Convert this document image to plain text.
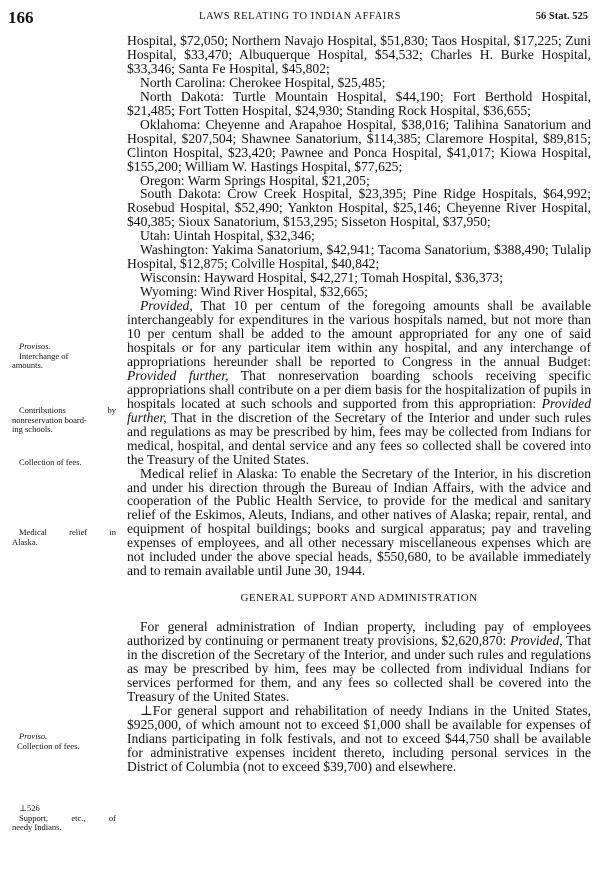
166	LAWS RELATING TO INDIAN AFFAIRS	56 Stat. 525
Provisos.
Interchange of
amounts.
Contributions by
nonreservation board-
ing schools.
Collection of fees.
Medical relief in
Alaska.
Proviso.
Collection of fees.
⊥526
Support, etc., of
needy Indians.

Hospital, $72,050; Northern Navajo Hospital, $51,830; Taos Hospital, $17,225; Zuni Hospital, $33,470; Albuquerque Hospital, $54,532; Charles H. Burke Hospital, $33,346; Santa Fe Hospital, $45,802;

North Carolina: Cherokee Hospital, $25,485;

North Dakota: Turtle Mountain Hospital, $44,190; Fort Berthold Hospital, $21,485; Fort Totten Hospital, $24,930; Standing Rock Hospital, $36,655;

Oklahoma: Cheyenne and Arapahoe Hospital, $38,016; Talihina Sanatorium and Hospital, $207,504; Shawnee Sanatorium, $114,385; Claremore Hospital, $89,815; Clinton Hospital, $23,420; Pawnee and Ponca Hospital, $41,017; Kiowa Hospital, $155,200; William W. Hastings Hospital, $77,625;

Oregon: Warm Springs Hospital, $21,205;

South Dakota: Crow Creek Hospital, $23,395; Pine Ridge Hospitals, $64,992; Rosebud Hospital, $52,490; Yankton Hospital, $25,146; Cheyenne River Hospital, $40,385; Sioux Sanatorium, $153,295; Sisseton Hospital, $37,950;

Utah: Uintah Hospital, $32,346;

Washington: Yakima Sanatorium, $42,941; Tacoma Sanatorium, $388,490; Tulalip Hospital, $12,875; Colville Hospital, $40,842;

Wisconsin: Hayward Hospital, $42,271; Tomah Hospital, $36,373;

Wyoming: Wind River Hospital, $32,665;

Provided, That 10 per centum of the foregoing amounts shall be available interchangeably for expenditures in the various hospitals named, but not more than 10 per centum shall be added to the amount appropriated for any one of said hospitals or for any particular item within any hospital, and any interchange of appropriations hereunder shall be reported to Congress in the annual Budget: Provided further, That nonreservation boarding schools receiving specific appropriations shall contribute on a per diem basis for the hospitalization of pupils in hospitals located at such schools and supported from this appropriation: Provided further, That in the discretion of the Secretary of the Interior and under such rules and regulations as may be prescribed by him, fees may be collected from Indians for medical, hospital, and dental service and any fees so collected shall be covered into the Treasury of the United States.

Medical relief in Alaska: To enable the Secretary of the Interior, in his discretion and under his direction through the Bureau of Indian Affairs, with the advice and cooperation of the Public Health Service, to provide for the medical and sanitary relief of the Eskimos, Aleuts, Indians, and other natives of Alaska; repair, rental, and equipment of hospital buildings; books and surgical apparatus; pay and traveling expenses of employees, and all other necessary miscellaneous expenses which are not included under the above special heads, $550,680, to be available immediately and to remain available until June 30, 1944.

GENERAL SUPPORT AND ADMINISTRATION

For general administration of Indian property, including pay of employees authorized by continuing or permanent treaty provisions, $2,620,870: Provided, That in the discretion of the Secretary of the Interior, and under such rules and regulations as may be prescribed by him, fees may be collected from individual Indians for services performed for them, and any fees so collected shall be covered into the Treasury of the United States.

⊥For general support and rehabilitation of needy Indians in the United States, $925,000, of which amount not to exceed $1,000 shall be available for expenses of Indians participating in folk festivals, and not to exceed $44,750 shall be available for administrative expenses incident thereto, including personal services in the District of Columbia (not to exceed $39,700) and elsewhere.
